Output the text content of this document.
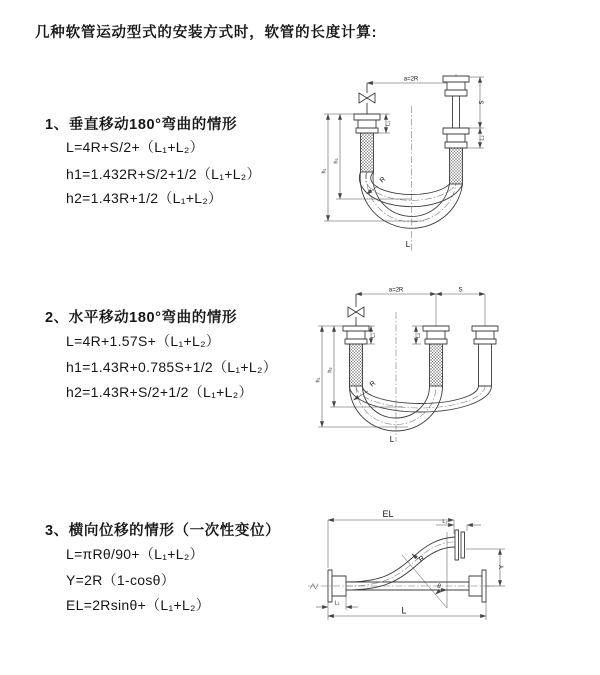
几种软管运动型式的安装方式时，软管的长度计算:
1、垂直移动180°弯曲的情形
L=4R+S/2+（L₁+L₂）
h1=1.432R+S/2+1/2（L₁+L₂）
h2=1.43R+1/2（L₁+L₂）
2、水平移动180°弯曲的情形
L=4R+1.57S+（L₁+L₂）
h1=1.43R+0.785S+1/2（L₁+L₂）
h2=1.43R+S/2+1/2（L₁+L₂）
3、横向位移的情形（一次性变位）
L=πRθ/90+（L₁+L₂）
Y=2R（1-cosθ）
EL=2Rsinθ+（L₁+L₂）
a=2R
h₁
h₂
L₁
S
L₂
R
L
a=2R	S
h₁
h₂
L₁	L₂
R
L
EL
L₂
Y
θ
R
L₁
L
